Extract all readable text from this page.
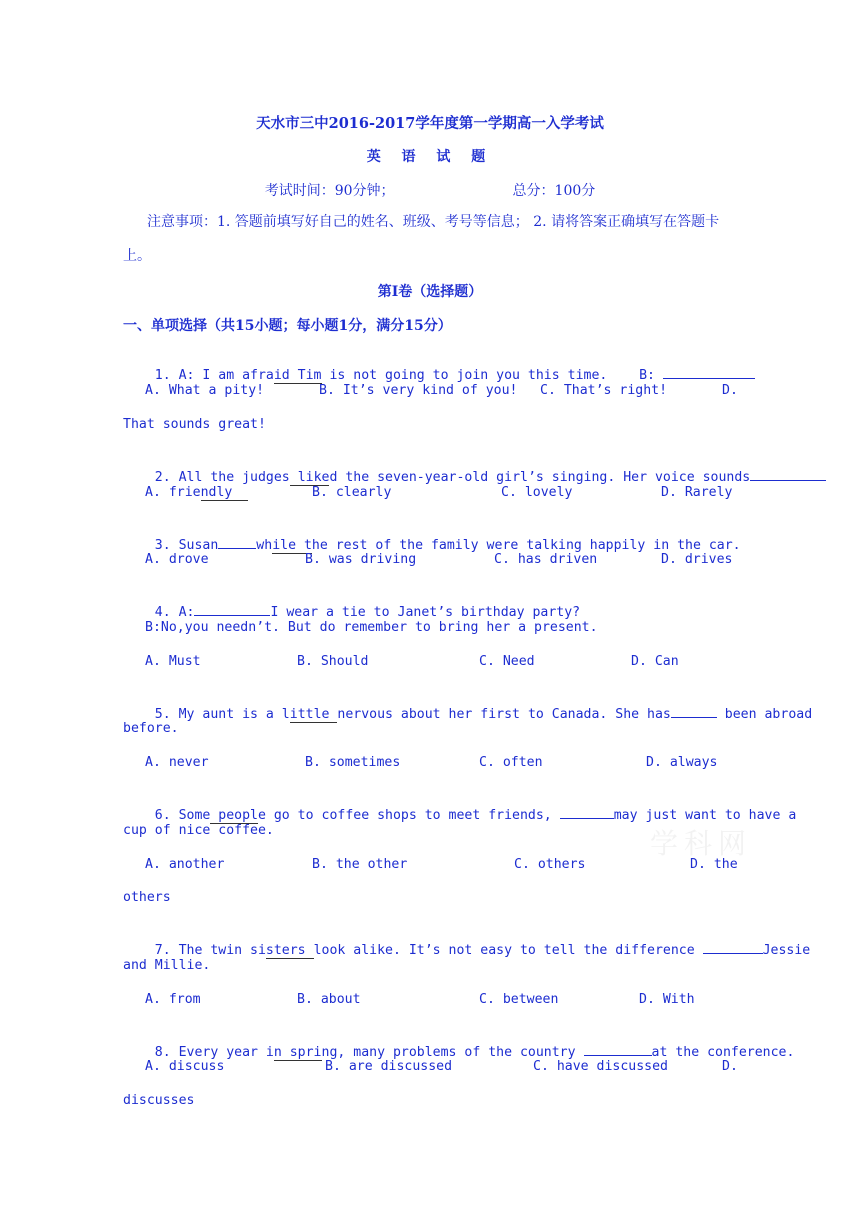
天水市三中2016-2017学年度第一学期高一入学考试
英 语 试 题
考试时间：90分钟；	总分：100分
注意事项：1. 答题前填写好自己的姓名、班级、考号等信息； 2. 请将答案正确填写在答题卡上。
第I卷（选择题）
一、单项选择（共15小题；每小题1分，满分15分）

1. A: I am afraid Tim is not going to join you this time.    B:

A. What a pity!	B. It’s very kind of you! C. That’s right!	D.
That sounds great!

2. All the judges liked the seven-year-old girl’s singing. Her voice sounds

A. friendly	B. clearly	C. lovely	D. Rarely

3. Susan	while the rest of the family were talking happily in the car.

A. drove	B. was driving	C. has driven	D. drives

4. A:	I wear a tie to Janet’s birthday party?

B:No,you needn’t. But do remember to bring her a present.
A. Must	B. Should	C. Need	D. Can

5. My aunt is a little nervous about her first to Canada. She has	been abroad

before.
A. never	B. sometimes	C. often	D. always

6. Some people go to coffee shops to meet friends,	may just want to have a

cup of nice coffee.
A. another	B. the other	C. others	D. the
others

7. The twin sisters look alike. It’s not easy to tell the difference	Jessie

and Millie.
A. from	B. about	C. between	D. With

8. Every year in spring, many problems of the country	at the conference.

A. discuss	B. are discussed	C. have discussed	D.
discusses
学科网
